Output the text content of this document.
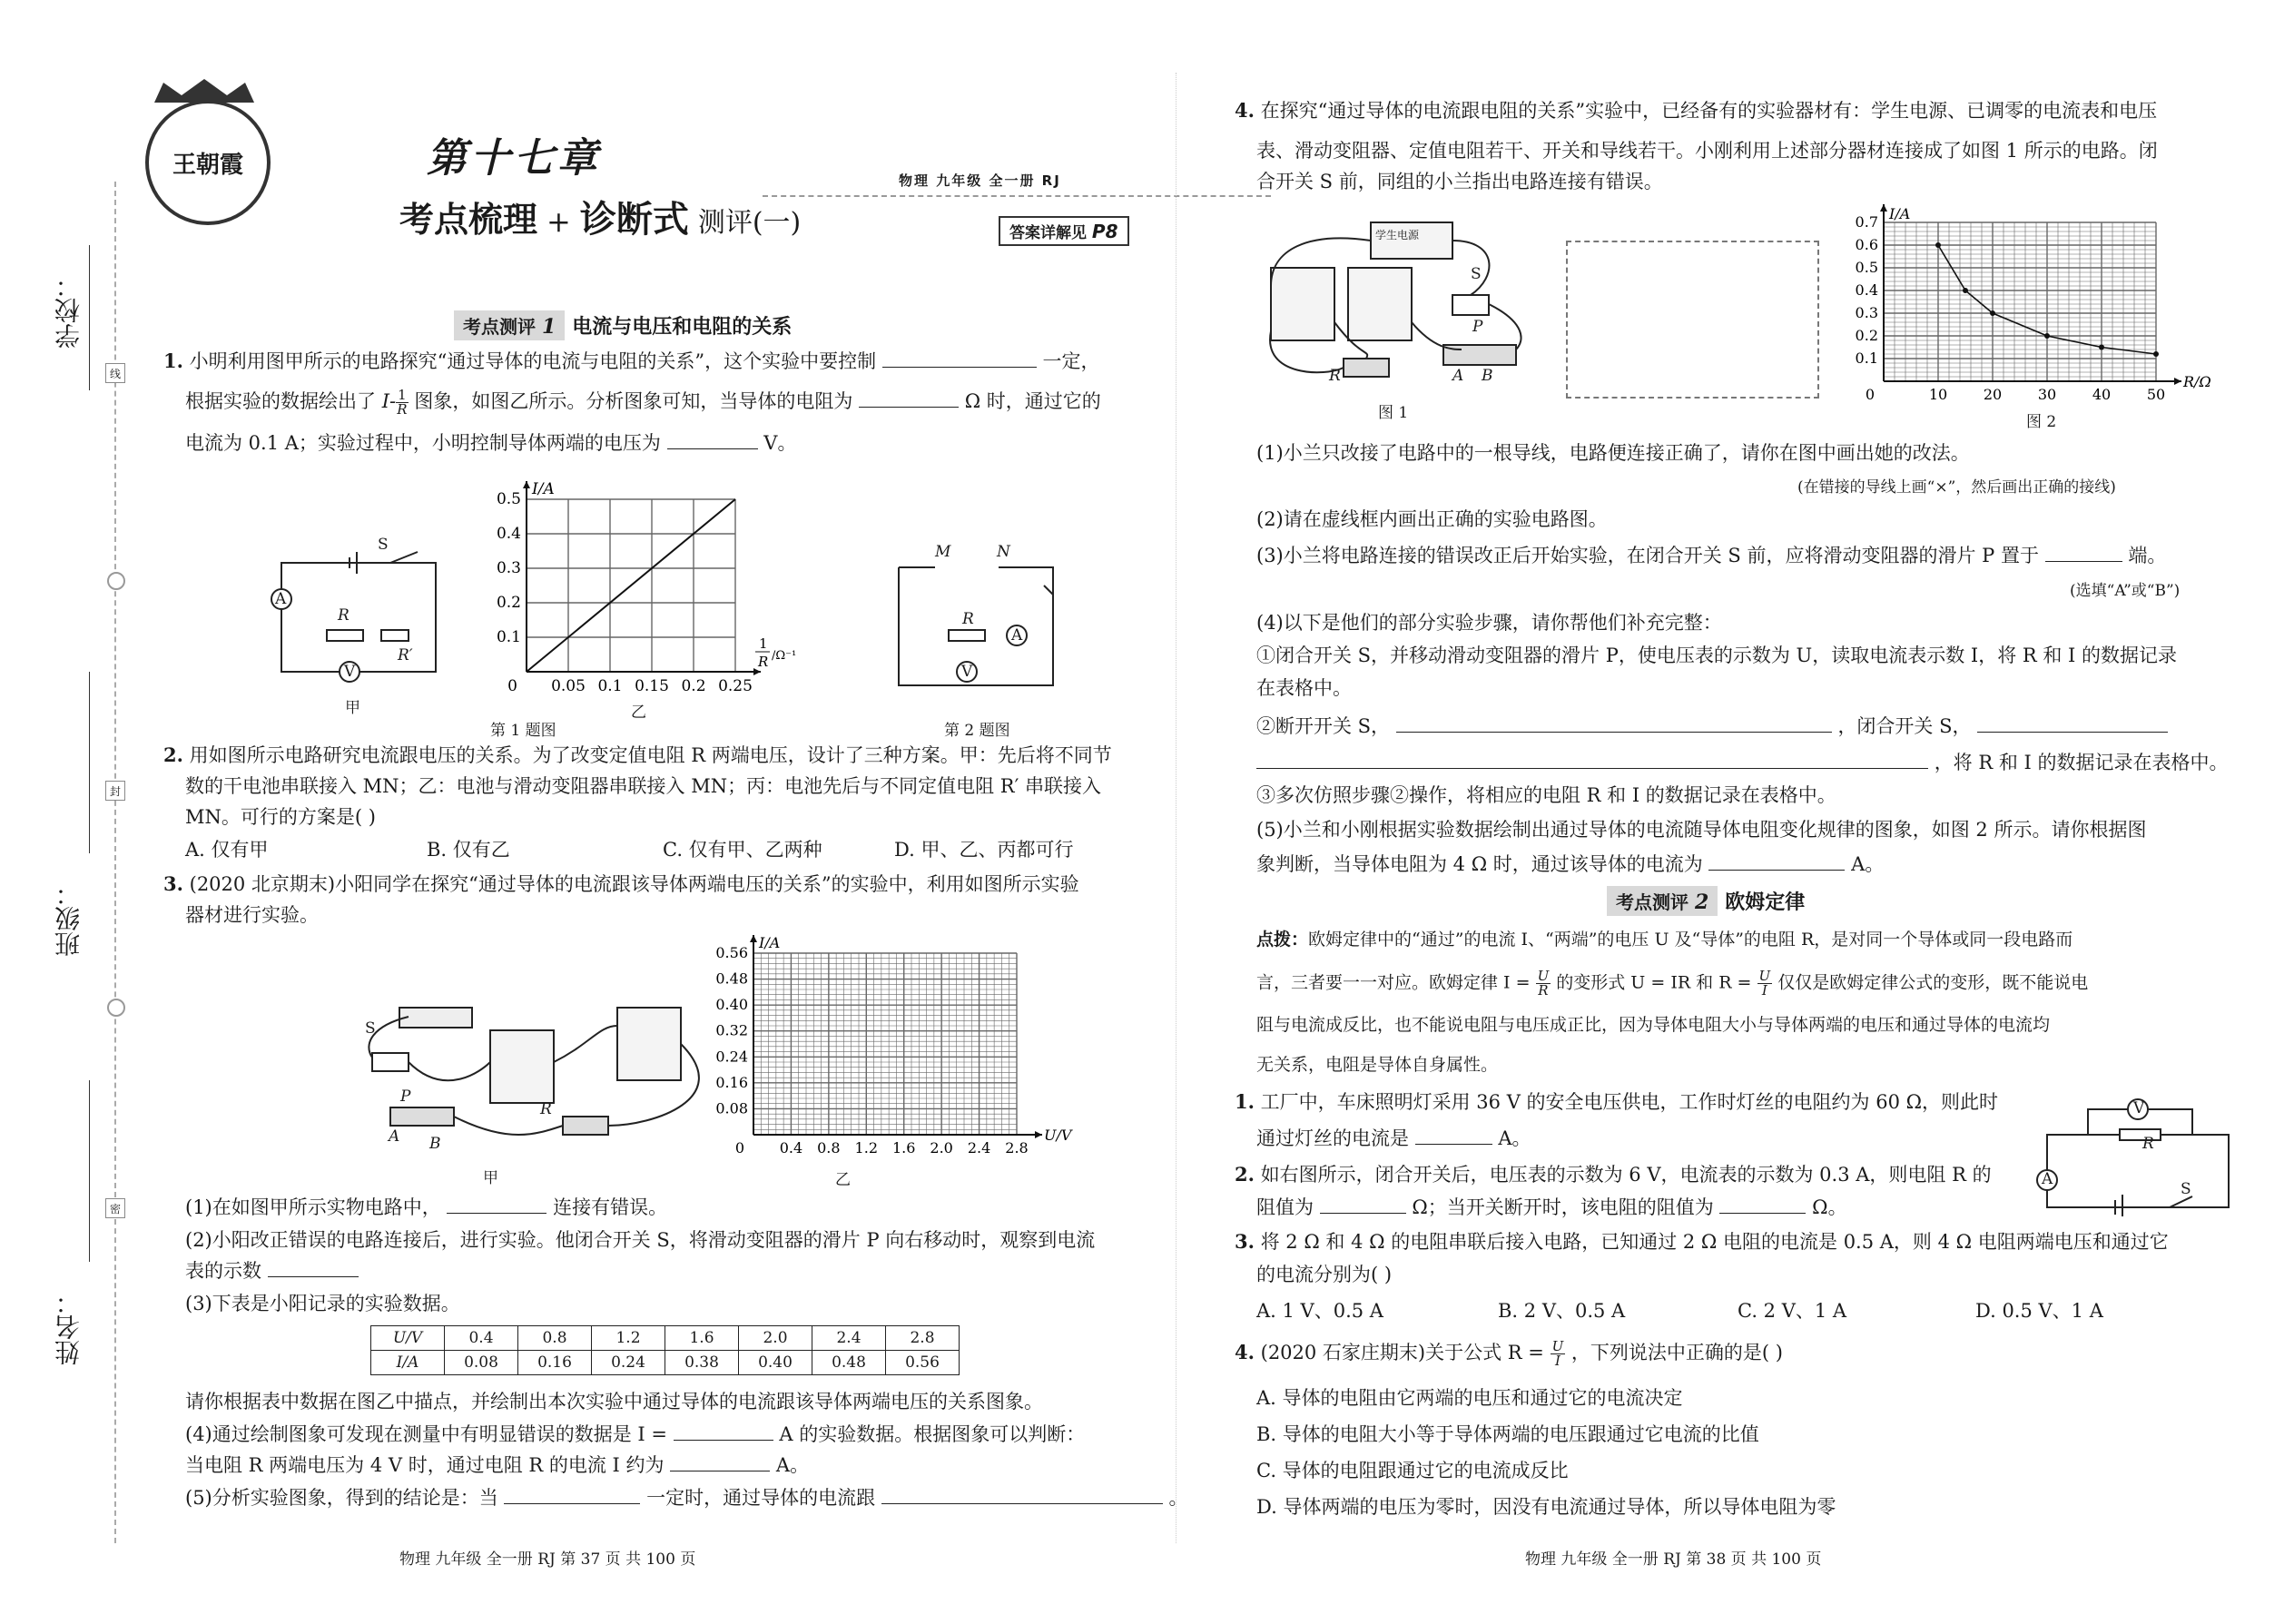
学校：
班级：
姓名：
线
封
密
王朝霞	第十七章
考点梳理 + 诊断式 测评(一)
物理 九年级 全一册 RJ
答案详解见 P8
考点测评 1 电流与电压和电阻的关系
1. 小明利用图甲所示的电路探究“通过导体的电流与电阻的关系”，这个实验中要控制	一定，
根据实验的数据绘出了 $I- \frac{1}{R}$ 图象，如图乙所示。分析图象可知，当导体的电阻为	Ω 时，通过它的
电流为 0.1 A；实验过程中，小明控制导体两端的电压为	V。
A
S
R
R′
V
甲
0.05 0.1 0.15 0.2 0.25
0.1
0.2
0.3
0.4
0.5
0
I/A
1
R /Ω⁻¹
乙
第 1 题图
M	N
R
A
V
第 2 题图
2. 用如图所示电路研究电流跟电压的关系。为了改变定值电阻 R 两端电压，设计了三种方案。甲：先后将不同节
数的干电池串联接入 MN；乙：电池与滑动变阻器串联接入 MN；丙：电池先后与不同定值电阻 R′ 串联接入
MN。可行的方案是( )
A. 仅有甲	B. 仅有乙	C. 仅有甲、乙两种	D. 甲、乙、丙都可行
3. (2020 北京期末)小阳同学在探究“通过导体的电流跟该导体两端电压的关系”的实验中，利用如图所示实验
器材进行实验。
S
P
A B
R
甲
0.4 0.8 1.2 1.6 2.0 2.4 2.8
0.08
0.16
0.24
0.32
0.40
0.48
0.56
0
I/A
U/V
乙
(1)在如图甲所示实物电路中，	连接有错误。
(2)小阳改正错误的电路连接后，进行实验。他闭合开关 S，将滑动变阻器的滑片 P 向右移动时，观察到电流
表的示数
(3)下表是小阳记录的实验数据。
U/V	0.4	0.8	1.2	1.6	2.0	2.4	2.8
I/A	0.08	0.16	0.24	0.38	0.40	0.48	0.56
请你根据表中数据在图乙中描点，并绘制出本次实验中通过导体的电流跟该导体两端电压的关系图象。
(4)通过绘制图象可发现在测量中有明显错误的数据是 I =	A 的实验数据。根据图象可以判断：
当电阻 R 两端电压为 4 V 时，通过电阻 R 的电流 I 约为	A。
(5)分析实验图象，得到的结论是：当	一定时，通过导体的电流跟	。
物理 九年级 全一册 RJ 第 37 页 共 100 页
4. 在探究“通过导体的电流跟电阻的关系”实验中，已经备有的实验器材有：学生电源、已调零的电流表和电压
表、滑动变阻器、定值电阻若干、开关和导线若干。小刚利用上述部分器材连接成了如图 1 所示的电路。闭
合开关 S 前，同组的小兰指出电路连接有错误。
学生电源
S
P
R	A B
图 1
10 20 30 40 50
0.1
0.2
0.3
0.4
0.5
0.6
0.7
0
I/A
R/Ω
图 2
(1)小兰只改接了电路中的一根导线，电路便连接正确了，请你在图中画出她的改法。
(在错接的导线上画“×”，然后画出正确的接线)
(2)请在虚线框内画出正确的实验电路图。
(3)小兰将电路连接的错误改正后开始实验，在闭合开关 S 前，应将滑动变阻器的滑片 P 置于	端。
(选填“A”或“B”)
(4)以下是他们的部分实验步骤，请你帮他们补充完整：
①闭合开关 S，并移动滑动变阻器的滑片 P，使电压表的示数为 U，读取电流表示数 I，将 R 和 I 的数据记录
在表格中。
②断开开关 S，	，闭合开关 S，
，将 R 和 I 的数据记录在表格中。
③多次仿照步骤②操作，将相应的电阻 R 和 I 的数据记录在表格中。
(5)小兰和小刚根据实验数据绘制出通过导体的电流随导体电阻变化规律的图象，如图 2 所示。请你根据图
象判断，当导体电阻为 4 Ω 时，通过该导体的电流为	A。
考点测评 2 欧姆定律
点拨：欧姆定律中的“通过”的电流 I、“两端”的电压 U 及“导体”的电阻 R，是对同一个导体或同一段电路而
言，三者要一一对应。欧姆定律 $I = \frac{U}{R}$ 的变形式 U = IR 和 $R = \frac{U}{I}$ 仅仅是欧姆定律公式的变形，既不能说电
阻与电流成反比，也不能说电阻与电压成正比，因为导体电阻大小与导体两端的电压和通过导体的电流均
无关系，电阻是导体自身属性。
1. 工厂中，车床照明灯采用 36 V 的安全电压供电，工作时灯丝的电阻约为 60 Ω，则此时
通过灯丝的电流是	A。
V
R
A
S
2. 如右图所示，闭合开关后，电压表的示数为 6 V，电流表的示数为 0.3 A，则电阻 R 的
阻值为	Ω；当开关断开时，该电阻的阻值为	Ω。
3. 将 2 Ω 和 4 Ω 的电阻串联后接入电路，已知通过 2 Ω 电阻的电流是 0.5 A，则 4 Ω 电阻两端电压和通过它
的电流分别为( )
A. 1 V、0.5 A	B. 2 V、0.5 A	C. 2 V、1 A	D. 0.5 V、1 A
4. (2020 石家庄期末)关于公式 $R = \frac{U}{I}$ ，下列说法中正确的是( )
A. 导体的电阻由它两端的电压和通过它的电流决定
B. 导体的电阻大小等于导体两端的电压跟通过它电流的比值
C. 导体的电阻跟通过它的电流成反比
D. 导体两端的电压为零时，因没有电流通过导体，所以导体电阻为零
物理 九年级 全一册 RJ 第 38 页 共 100 页
